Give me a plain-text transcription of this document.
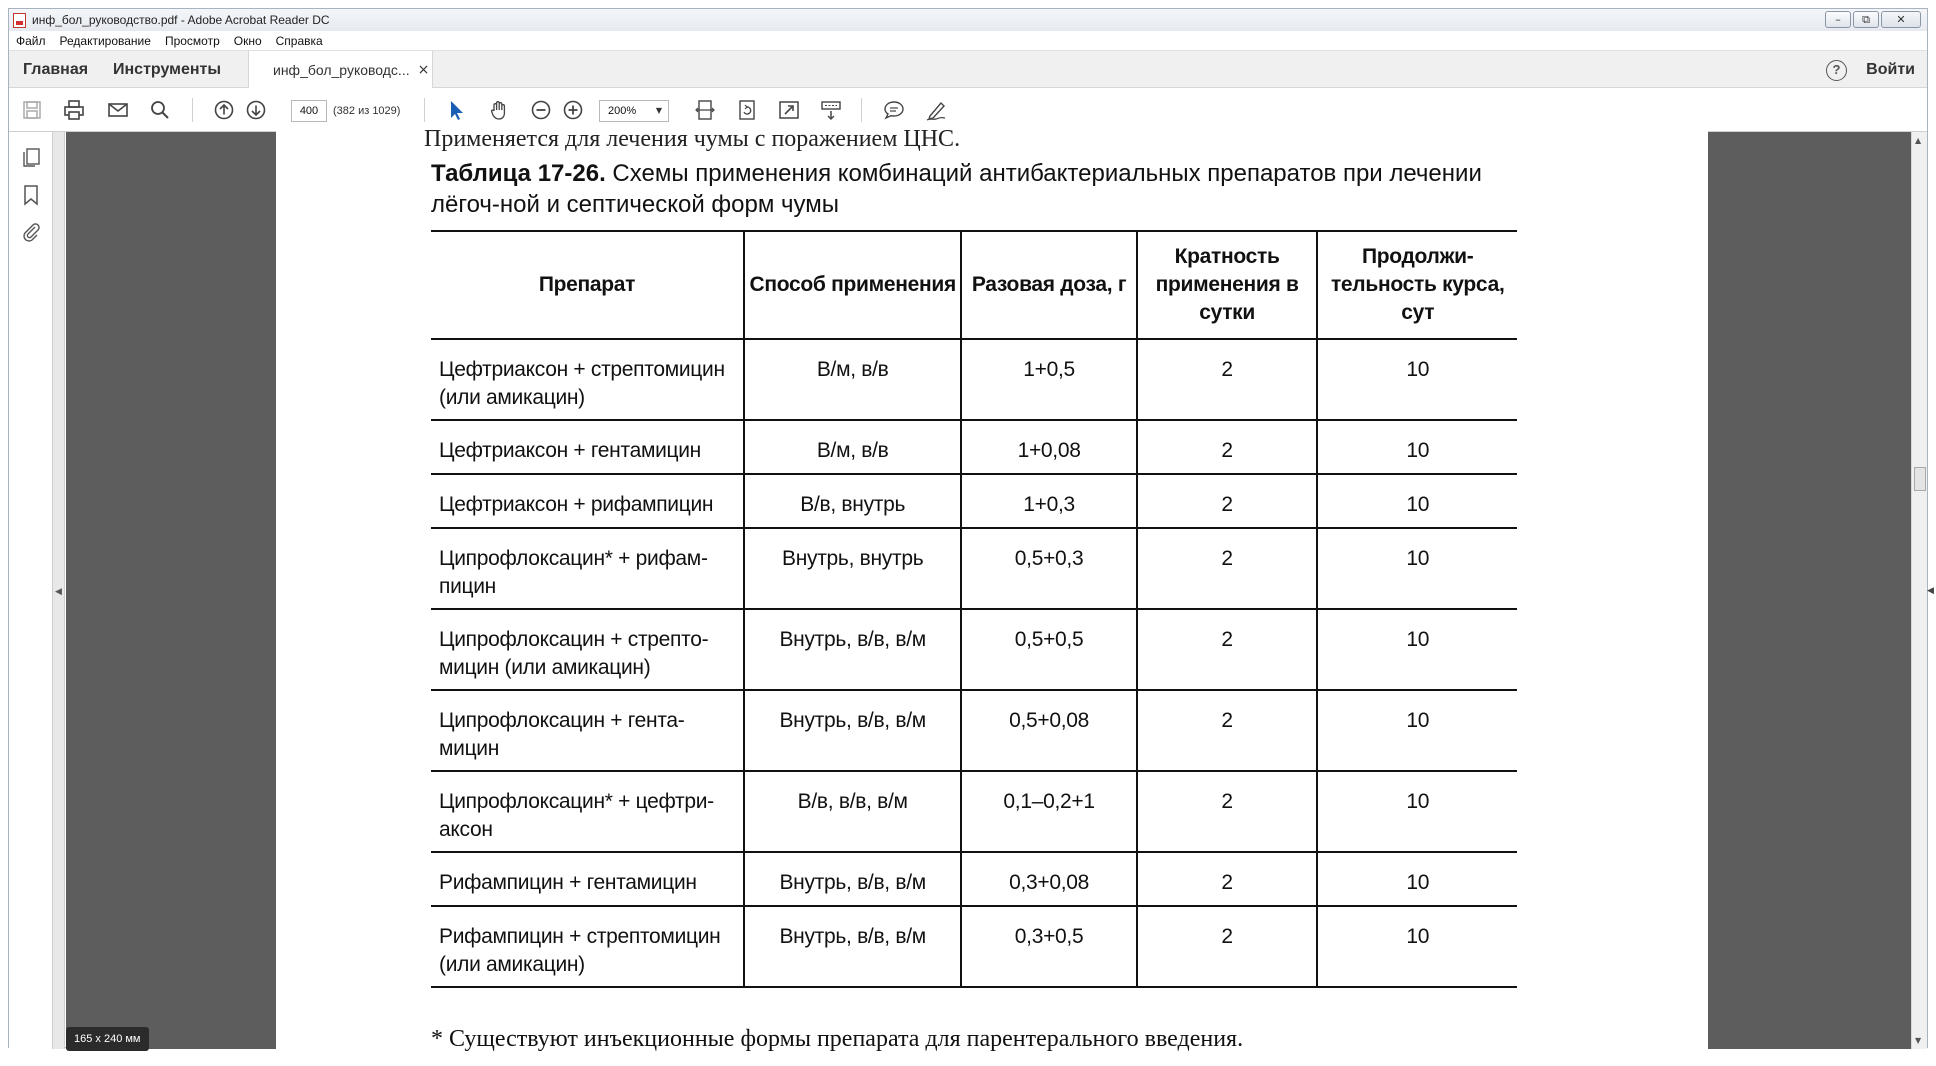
инф_бол_руководство.pdf - Adobe Acrobat Reader DC	–	⧉	✕
Файл	Редактирование	Просмотр	Окно	Справка
Главная Инструменты	инф_бол_руководс... ×	?	Войти
400	(382 из 1029)	200% ▼
◀
Применяется для лечения чумы с поражением ЦНС.
Таблица 17-26. Схемы применения комбинаций антибактериальных препаратов при лечении лёгоч-ной и септической форм чумы
Препарат	Способ применения	Разовая доза, г	Кратность применения в сутки	Продолжи-тельность курса, сут
Цефтриаксон + стрептомицин (или амикацин)	В/м, в/в	1+0,5	2	10
Цефтриаксон + гентамицин	В/м, в/в	1+0,08	2	10
Цефтриаксон + рифампицин	В/в, внутрь	1+0,3	2	10
Ципрофлоксацин* + рифам-пицин	Внутрь, внутрь	0,5+0,3	2	10
Ципрофлоксацин + стрепто-мицин (или амикацин)	Внутрь, в/в, в/м	0,5+0,5	2	10
Ципрофлоксацин + гента-мицин	Внутрь, в/в, в/м	0,5+0,08	2	10
Ципрофлоксацин* + цефтри-аксон	В/в, в/в, в/м	0,1–0,2+1	2	10
Рифампицин + гентамицин	Внутрь, в/в, в/м	0,3+0,08	2	10
Рифампицин + стрептомицин (или амикацин)	Внутрь, в/в, в/м	0,3+0,5	2	10
* Существуют инъекционные формы препарата для парентерального введения.
165 x 240 мм
▲
▼
◀
